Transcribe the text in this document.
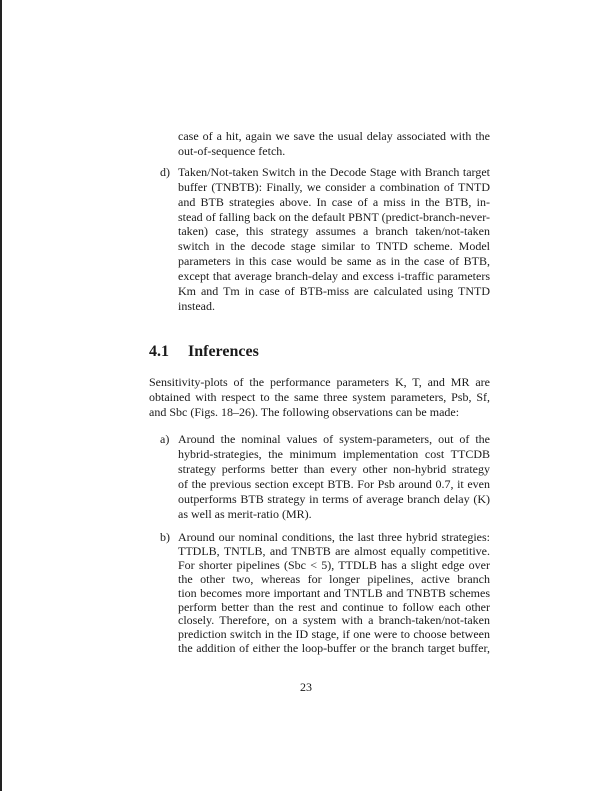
d)
a)
b)
4.1 Inferences
23
case of a hit, again we save the usual delay associated with the
out-of-sequence fetch.
Taken/Not-taken Switch in the Decode Stage with Branch target
buffer (TNBTB): Finally, we consider a combination of TNTD
and BTB strategies above. In case of a miss in the BTB, in-
stead of falling back on the default PBNT (predict-branch-never-
taken) case, this strategy assumes a branch taken/not-taken
switch in the decode stage similar to TNTD scheme. Model
parameters in this case would be same as in the case of BTB,
except that average branch-delay and excess i-traffic parameters
Km and Tm in case of BTB-miss are calculated using TNTD
instead.
Sensitivity-plots of the performance parameters K, T, and MR are
obtained with respect to the same three system parameters, Psb, Sf,
and Sbc (Figs. 18–26). The following observations can be made:
Around the nominal values of system-parameters, out of the
hybrid-strategies, the minimum implementation cost TTCDB
strategy performs better than every other non-hybrid strategy
of the previous section except BTB. For Psb around 0.7, it even
outperforms BTB strategy in terms of average branch delay (K)
as well as merit-ratio (MR).
Around our nominal conditions, the last three hybrid strategies:
TTDLB, TNTLB, and TNBTB are almost equally competitive.
For shorter pipelines (Sbc < 5), TTDLB has a slight edge over
the other two, whereas for longer pipelines, active branch
tion becomes more important and TNTLB and TNBTB schemes
perform better than the rest and continue to follow each other
closely. Therefore, on a system with a branch-taken/not-taken
prediction switch in the ID stage, if one were to choose between
the addition of either the loop-buffer or the branch target buffer,
